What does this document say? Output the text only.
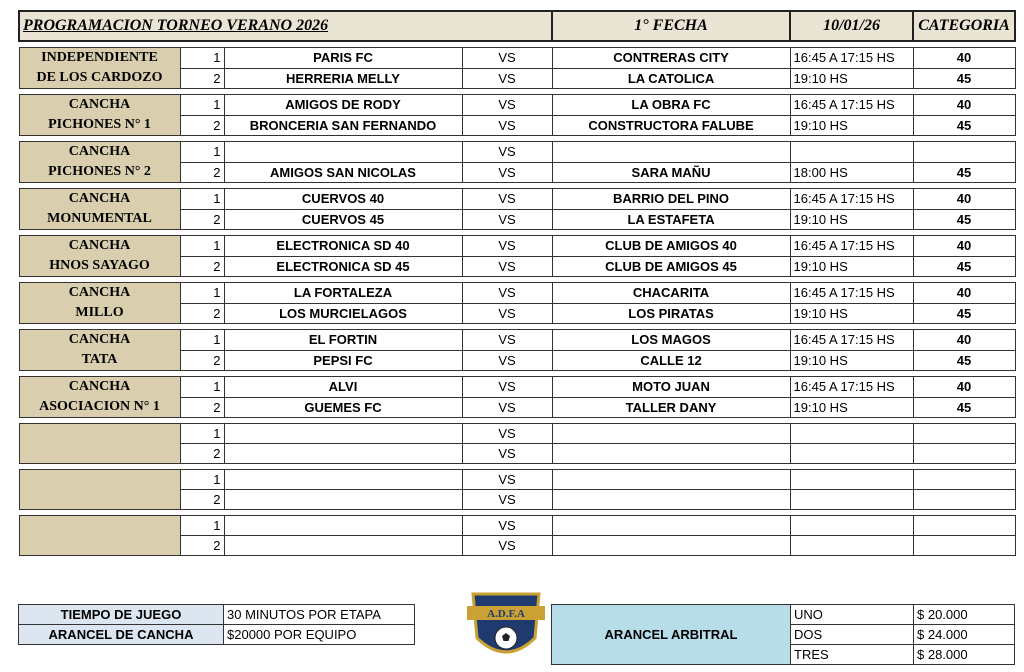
PROGRAMACION TORNEO VERANO 2026				1° FECHA	10/01/26	CATEGORIA

INDEPENDIENTE
DE LOS CARDOZO	1	PARIS FC	VS	CONTRERAS CITY	16:45 A 17:15 HS	40
	2	HERRERIA MELLY	VS	LA CATOLICA	19:10 HS	45

CANCHA
PICHONES N° 1	1	AMIGOS DE RODY	VS	LA OBRA FC	16:45 A 17:15 HS	40
	2	BRONCERIA SAN FERNANDO	VS	CONSTRUCTORA FALUBE	19:10 HS	45

CANCHA
PICHONES N° 2	1		VS			
	2	AMIGOS SAN NICOLAS	VS	SARA MAÑU	18:00 HS	45

CANCHA
MONUMENTAL	1	CUERVOS 40	VS	BARRIO DEL PINO	16:45 A 17:15 HS	40
	2	CUERVOS 45	VS	LA ESTAFETA	19:10 HS	45

CANCHA
HNOS SAYAGO	1	ELECTRONICA SD 40	VS	CLUB DE AMIGOS 40	16:45 A 17:15 HS	40
	2	ELECTRONICA SD 45	VS	CLUB DE AMIGOS 45	19:10 HS	45

CANCHA
MILLO	1	LA FORTALEZA	VS	CHACARITA	16:45 A 17:15 HS	40
	2	LOS MURCIELAGOS	VS	LOS PIRATAS	19:10 HS	45

CANCHA
TATA	1	EL FORTIN	VS	LOS MAGOS	16:45 A 17:15 HS	40
	2	PEPSI FC	VS	CALLE 12	19:10 HS	45

CANCHA
ASOCIACION N° 1	1	ALVI	VS	MOTO JUAN	16:45 A 17:15 HS	40
	2	GUEMES FC	VS	TALLER DANY	19:10 HS	45

	1		VS			
	2		VS			

	1		VS			
	2		VS			

	1		VS			
	2		VS			
TIEMPO DE JUEGO	30 MINUTOS POR ETAPA
ARANCEL DE CANCHA	$20000 POR EQUIPO
A.D.F.A
ARANCEL ARBITRAL	UNO	$ 20.000
	DOS	$ 24.000
	TRES	$ 28.000
